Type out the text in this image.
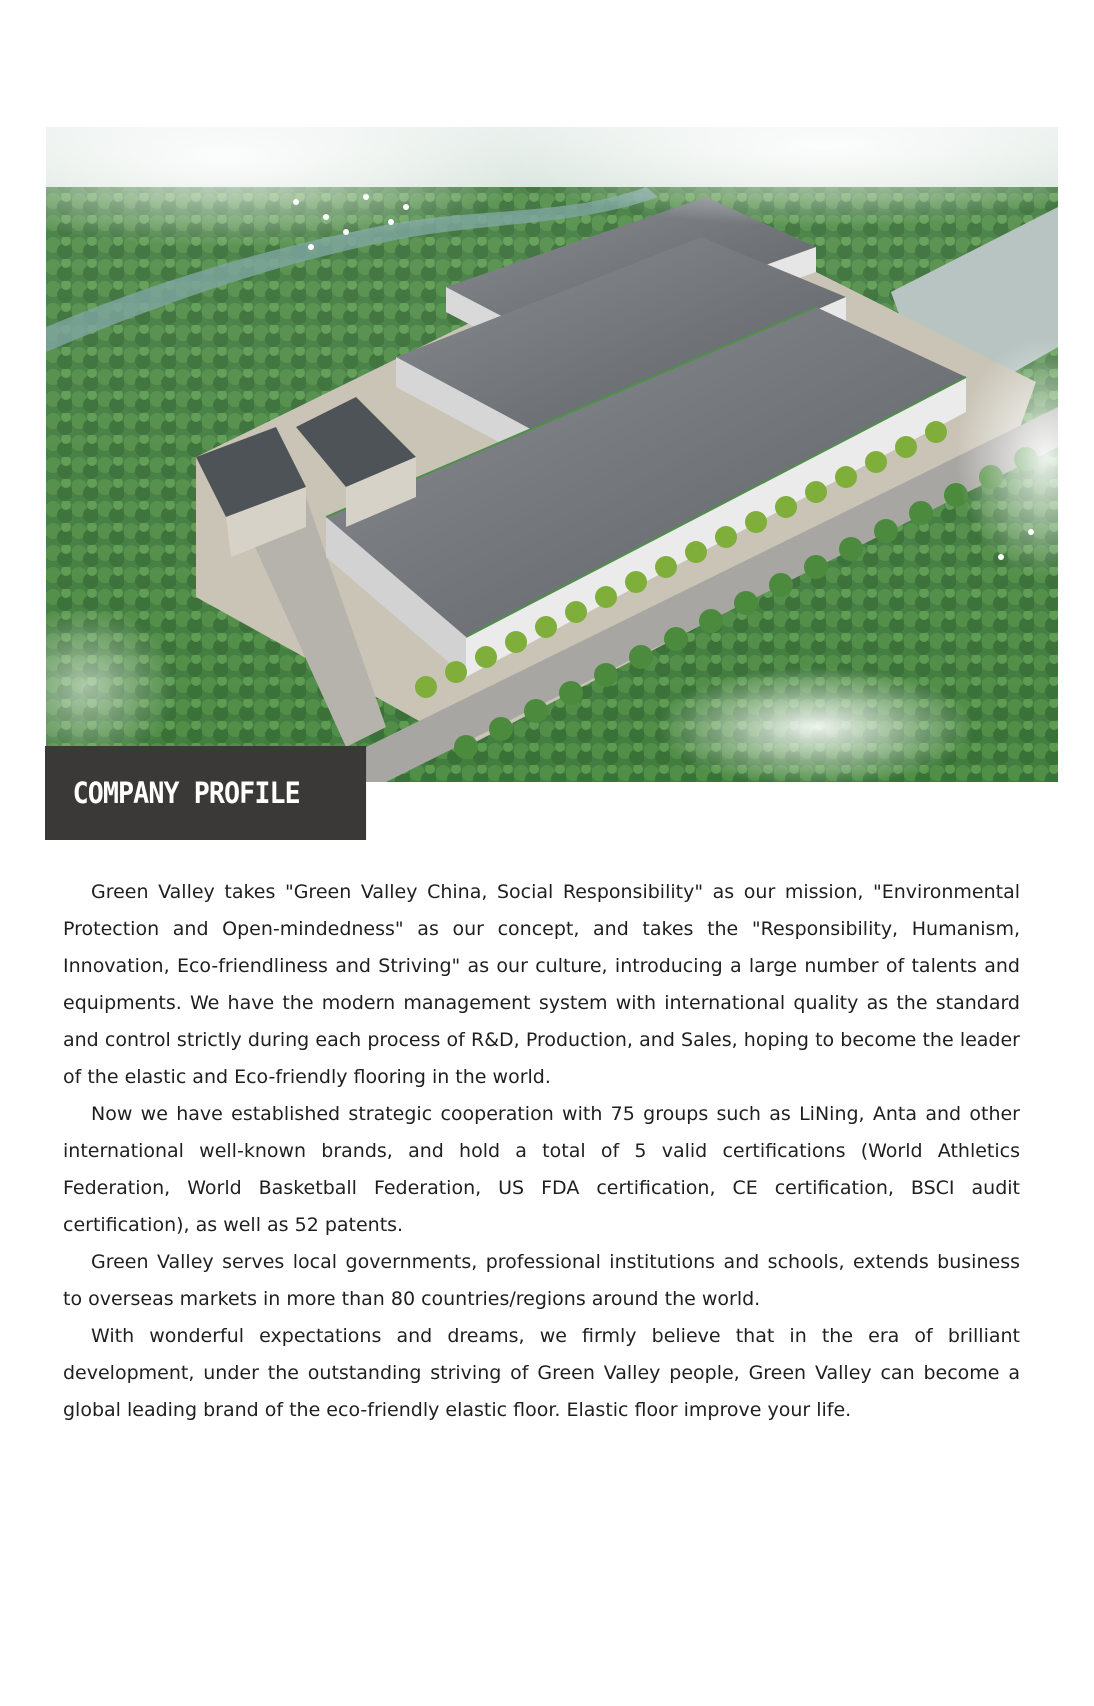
COMPANY PROFILE

Green Valley takes "Green Valley China, Social Responsibility" as our mission, "Environmental Protection and Open-mindedness" as our concept, and takes the "Responsibility, Humanism, Innovation, Eco-friendliness and Striving" as our culture, introducing a large number of talents and equipments. We have the modern management system with international quality as the standard and control strictly during each process of R&D, Production, and Sales, hoping to become the leader of the elastic and Eco-friendly flooring in the world.

Now we have established strategic cooperation with 75 groups such as LiNing, Anta and other international well-known brands, and hold a total of 5 valid certifications (World Athletics Federation, World Basketball Federation, US FDA certification, CE certification, BSCI audit certification), as well as 52 patents.

Green Valley serves local governments, professional institutions and schools, extends business to overseas markets in more than 80 countries/regions around the world.

With wonderful expectations and dreams, we firmly believe that in the era of brilliant development, under the outstanding striving of Green Valley people, Green Valley can become a global leading brand of the eco-friendly elastic floor. Elastic floor improve your life.
